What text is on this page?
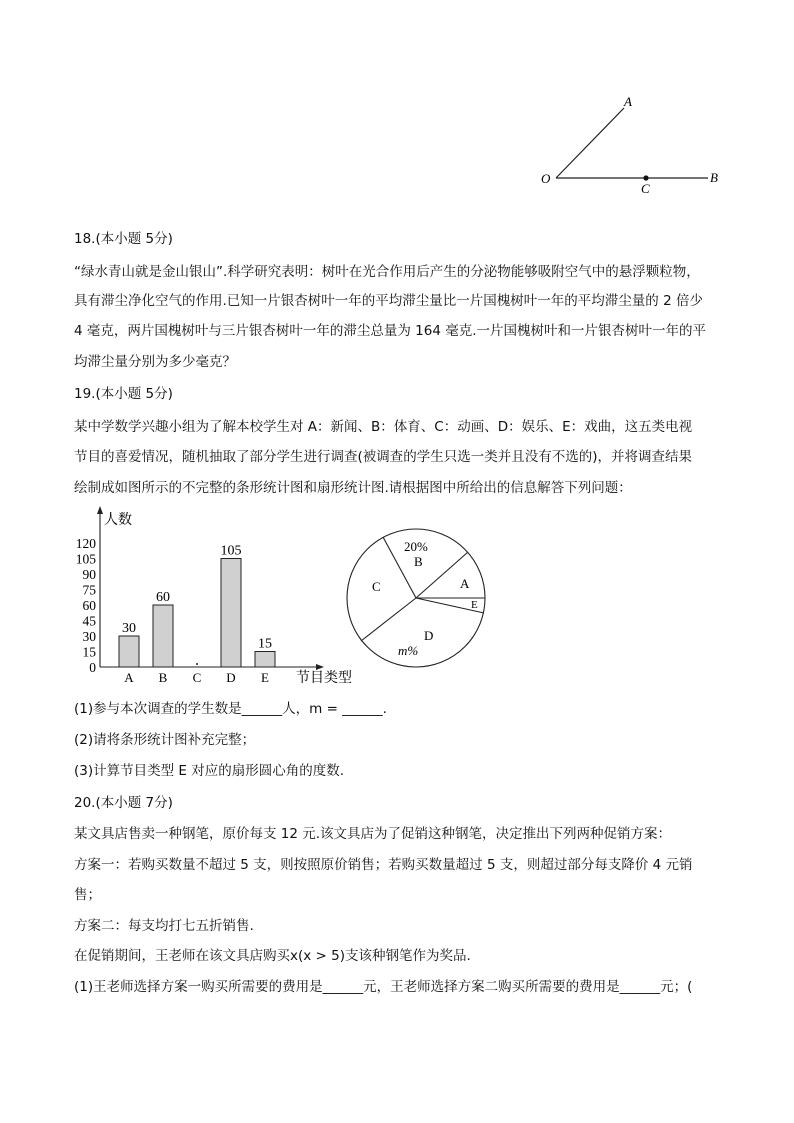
A
O
C
B
18.(本小题 5分)
“绿水青山就是金山银山”.科学研究表明：树叶在光合作用后产生的分泌物能够吸附空气中的悬浮颗粒物，
具有滞尘净化空气的作用.已知一片银杏树叶一年的平均滞尘量比一片国槐树叶一年的平均滞尘量的 2 倍少
4 毫克，两片国槐树叶与三片银杏树叶一年的滞尘总量为 164 毫克.一片国槐树叶和一片银杏树叶一年的平
均滞尘量分别为多少毫克？
19.(本小题 5分)
某中学数学兴趣小组为了解本校学生对 A：新闻、B：体育、C：动画、D：娱乐、E：戏曲，这五类电视
节目的喜爱情况，随机抽取了部分学生进行调查(被调查的学生只选一类并且没有不选的)，并将调查结果
绘制成如图所示的不完整的条形统计图和扇形统计图.请根据图中所给出的信息解答下列问题：
人数
节目类型
0
15
30
45
60
75
90
105
120
30
60
105
15
A B C D E
20%
B
A
E
C
D
m%
(1)参与本次调查的学生数是______人，m = ______.
(2)请将条形统计图补充完整；
(3)计算节目类型 E 对应的扇形圆心角的度数.
20.(本小题 7分)
某文具店售卖一种钢笔，原价每支 12 元.该文具店为了促销这种钢笔，决定推出下列两种促销方案：
方案一：若购买数量不超过 5 支，则按照原价销售；若购买数量超过 5 支，则超过部分每支降价 4 元销
售；
方案二：每支均打七五折销售.
在促销期间，王老师在该文具店购买x(x > 5)支该种钢笔作为奖品.
(1)王老师选择方案一购买所需要的费用是______元，王老师选择方案二购买所需要的费用是______元；(
